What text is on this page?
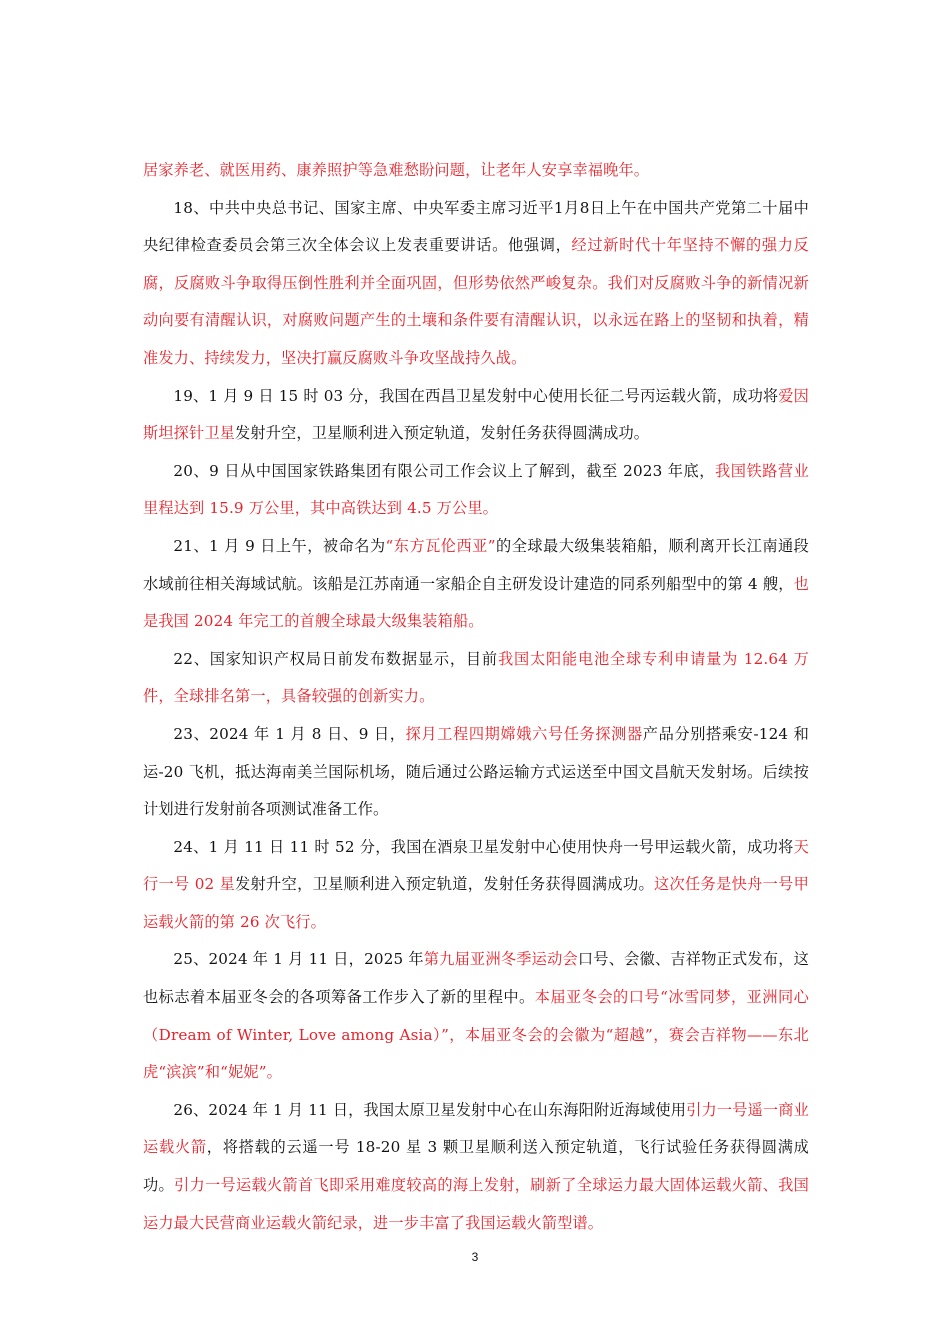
居家养老、就医用药、康养照护等急难愁盼问题，让老年人安享幸福晚年。

18、中共中央总书记、国家主席、中央军委主席习近平1月8日上午在中国共产党第二十届中央纪律检查委员会第三次全体会议上发表重要讲话。他强调，经过新时代十年坚持不懈的强力反腐，反腐败斗争取得压倒性胜利并全面巩固，但形势依然严峻复杂。我们对反腐败斗争的新情况新动向要有清醒认识，对腐败问题产生的土壤和条件要有清醒认识，以永远在路上的坚韧和执着，精准发力、持续发力，坚决打赢反腐败斗争攻坚战持久战。

19、1 月 9 日 15 时 03 分，我国在西昌卫星发射中心使用长征二号丙运载火箭，成功将爱因斯坦探针卫星发射升空，卫星顺利进入预定轨道，发射任务获得圆满成功。

20、9 日从中国国家铁路集团有限公司工作会议上了解到，截至 2023 年底，我国铁路营业里程达到 15.9 万公里，其中高铁达到 4.5 万公里。

21、1 月 9 日上午，被命名为“东方瓦伦西亚”的全球最大级集装箱船，顺利离开长江南通段水域前往相关海域试航。该船是江苏南通一家船企自主研发设计建造的同系列船型中的第 4 艘，也是我国 2024 年完工的首艘全球最大级集装箱船。

22、国家知识产权局日前发布数据显示，目前我国太阳能电池全球专利申请量为 12.64 万件，全球排名第一，具备较强的创新实力。

23、2024 年 1 月 8 日、9 日，探月工程四期嫦娥六号任务探测器产品分别搭乘安-124 和运-20 飞机，抵达海南美兰国际机场，随后通过公路运输方式运送至中国文昌航天发射场。后续按计划进行发射前各项测试准备工作。

24、1 月 11 日 11 时 52 分，我国在酒泉卫星发射中心使用快舟一号甲运载火箭，成功将天行一号 02 星发射升空，卫星顺利进入预定轨道，发射任务获得圆满成功。这次任务是快舟一号甲运载火箭的第 26 次飞行。

25、2024 年 1 月 11 日，2025 年第九届亚洲冬季运动会口号、会徽、吉祥物正式发布，这也标志着本届亚冬会的各项筹备工作步入了新的里程中。本届亚冬会的口号“冰雪同梦，亚洲同心（Dream of Winter, Love among Asia）”，本届亚冬会的会徽为“超越”，赛会吉祥物——东北虎“滨滨”和“妮妮”。

26、2024 年 1 月 11 日，我国太原卫星发射中心在山东海阳附近海域使用引力一号遥一商业运载火箭，将搭载的云遥一号 18-20 星 3 颗卫星顺利送入预定轨道，飞行试验任务获得圆满成功。引力一号运载火箭首飞即采用难度较高的海上发射，刷新了全球运力最大固体运载火箭、我国运力最大民营商业运载火箭纪录，进一步丰富了我国运载火箭型谱。

3
